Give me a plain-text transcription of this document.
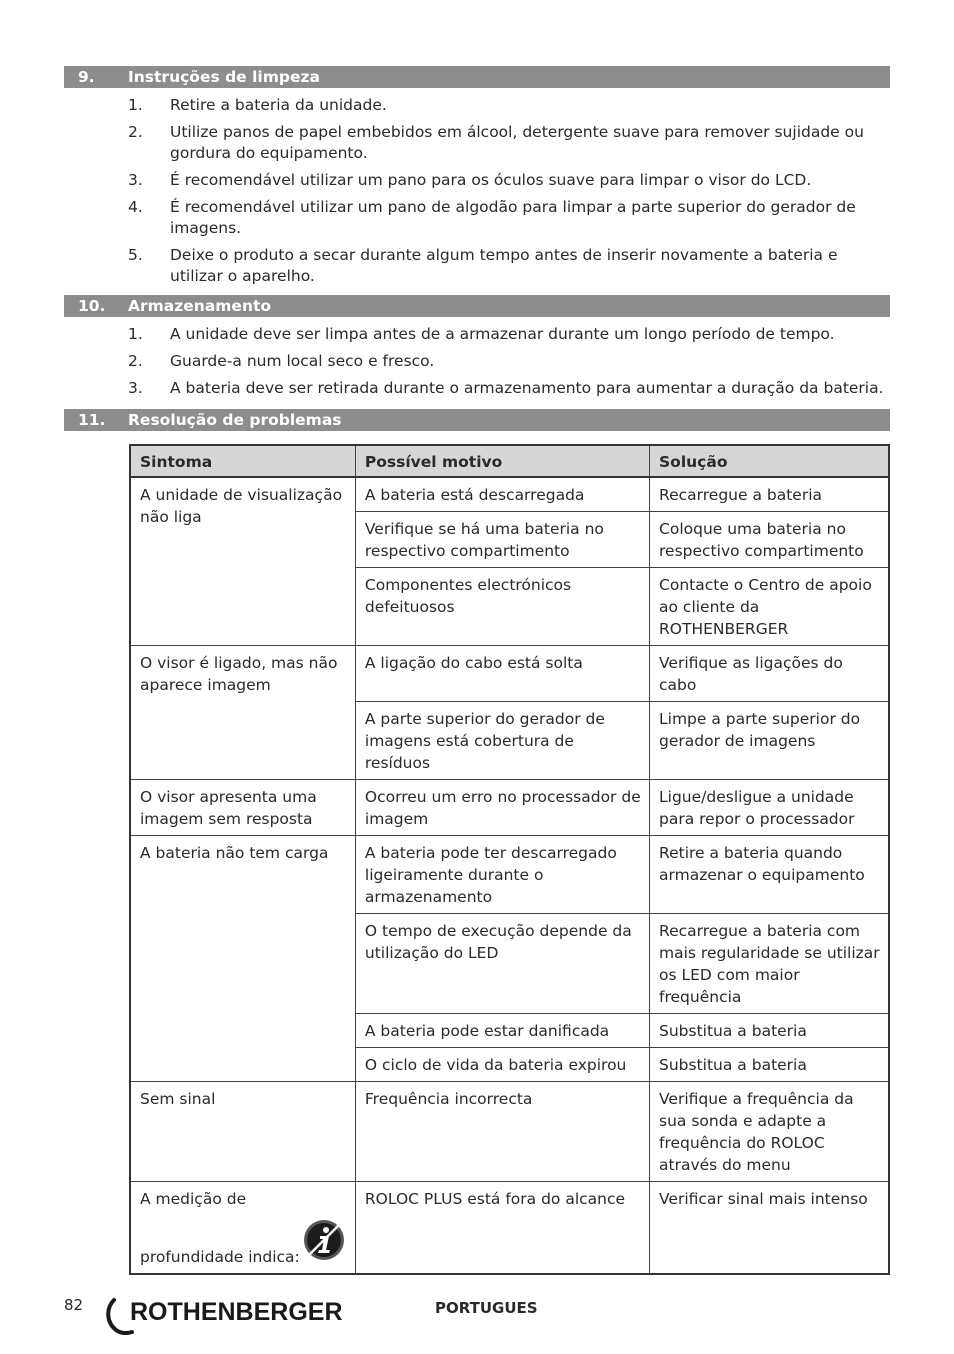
9. Instruções de limpeza
1. Retire a bateria da unidade.
2. Utilize panos de papel embebidos em álcool, detergente suave para remover sujidade ou gordura do equipamento.
3. É recomendável utilizar um pano para os óculos suave para limpar o visor do LCD.
4. É recomendável utilizar um pano de algodão para limpar a parte superior do gerador de imagens.
5. Deixe o produto a secar durante algum tempo antes de inserir novamente a bateria e utilizar o aparelho.
10. Armazenamento
1. A unidade deve ser limpa antes de a armazenar durante um longo período de tempo.
2. Guarde-a num local seco e fresco.
3. A bateria deve ser retirada durante o armazenamento para aumentar a duração da bateria.
11. Resolução de problemas
Sintoma	Possível motivo	Solução
A unidade de visualização não liga	A bateria está descarregada	Recarregue a bateria
	Verifique se há uma bateria no respectivo compartimento	Coloque uma bateria no respectivo compartimento
	Componentes electrónicos defeituosos	Contacte o Centro de apoio ao cliente da ROTHENBERGER
O visor é ligado, mas não aparece imagem	A ligação do cabo está solta	Verifique as ligações do cabo
	A parte superior do gerador de imagens está cobertura de resíduos	Limpe a parte superior do gerador de imagens
O visor apresenta uma imagem sem resposta	Ocorreu um erro no processador de imagem	Ligue/desligue a unidade para repor o processador
A bateria não tem carga	A bateria pode ter descarregado ligeiramente durante o armazenamento	Retire a bateria quando armazenar o equipamento
	O tempo de execução depende da utilização do LED	Recarregue a bateria com mais regularidade se utilizar os LED com maior frequência
	A bateria pode estar danificada	Substitua a bateria
	O ciclo de vida da bateria expirou	Substitua a bateria
Sem sinal	Frequência incorrecta	Verifique a frequência da sua sonda e adapte a frequência do ROLOC através do menu

A medição de
profundidade indica:	ROLOC PLUS está fora do alcance	Verificar sinal mais intenso
82 ROTHENBERGER	PORTUGUES
